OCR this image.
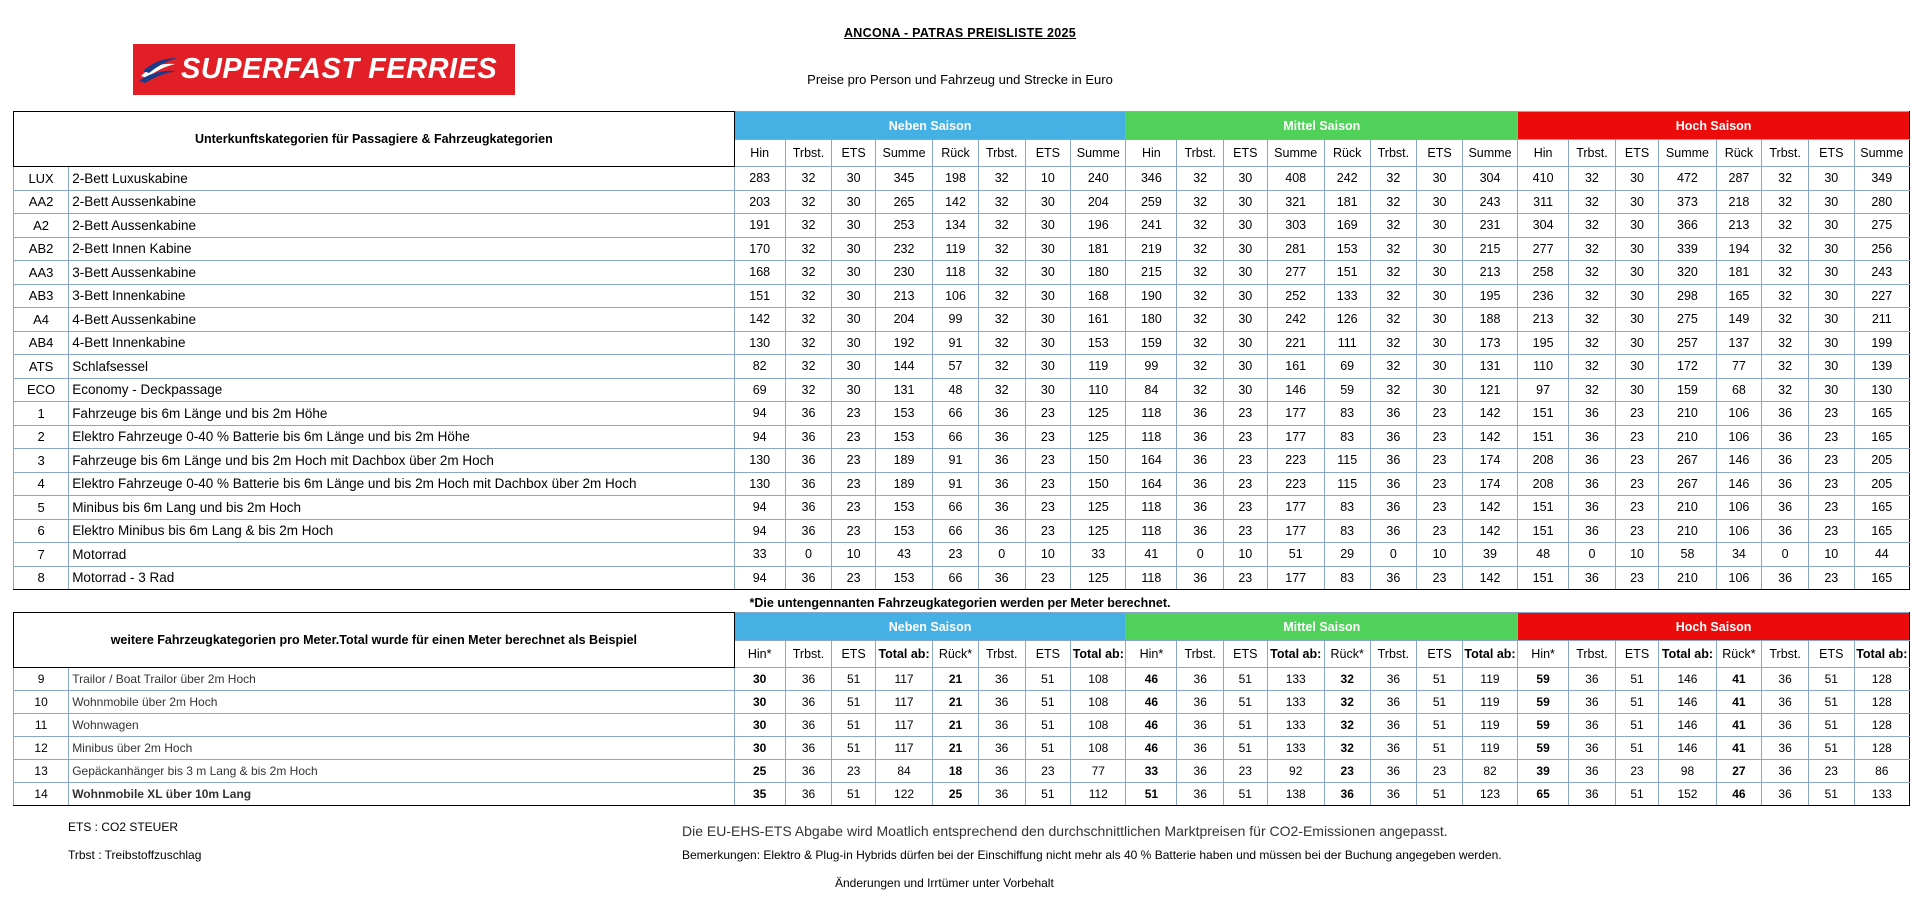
ANCONA - PATRAS PREISLISTE 2025
SUPERFAST FERRIES	Preise pro Person und Fahrzeug und Strecke in Euro
Unterkunftskategorien für Passagiere & Fahrzeugkategorien		Neben Saison								Mittel Saison								Hoch Saison							
		Hin	Trbst.	ETS	Summe	Rück	Trbst.	ETS	Summe	Hin	Trbst.	ETS	Summe	Rück	Trbst.	ETS	Summe	Hin	Trbst.	ETS	Summe	Rück	Trbst.	ETS	Summe
LUX	2-Bett Luxuskabine	283	32	30	345	198	32	10	240	346	32	30	408	242	32	30	304	410	32	30	472	287	32	30	349
AA2	2-Bett Aussenkabine	203	32	30	265	142	32	30	204	259	32	30	321	181	32	30	243	311	32	30	373	218	32	30	280
A2	2-Bett Aussenkabine	191	32	30	253	134	32	30	196	241	32	30	303	169	32	30	231	304	32	30	366	213	32	30	275
AB2	2-Bett Innen Kabine	170	32	30	232	119	32	30	181	219	32	30	281	153	32	30	215	277	32	30	339	194	32	30	256
AA3	3-Bett Aussenkabine	168	32	30	230	118	32	30	180	215	32	30	277	151	32	30	213	258	32	30	320	181	32	30	243
AB3	3-Bett Innenkabine	151	32	30	213	106	32	30	168	190	32	30	252	133	32	30	195	236	32	30	298	165	32	30	227
A4	4-Bett Aussenkabine	142	32	30	204	99	32	30	161	180	32	30	242	126	32	30	188	213	32	30	275	149	32	30	211
AB4	4-Bett Innenkabine	130	32	30	192	91	32	30	153	159	32	30	221	111	32	30	173	195	32	30	257	137	32	30	199
ATS	Schlafsessel	82	32	30	144	57	32	30	119	99	32	30	161	69	32	30	131	110	32	30	172	77	32	30	139
ECO	Economy - Deckpassage	69	32	30	131	48	32	30	110	84	32	30	146	59	32	30	121	97	32	30	159	68	32	30	130
1	Fahrzeuge bis 6m Länge und bis 2m Höhe	94	36	23	153	66	36	23	125	118	36	23	177	83	36	23	142	151	36	23	210	106	36	23	165
2	Elektro Fahrzeuge 0-40 % Batterie bis 6m Länge und bis 2m Höhe	94	36	23	153	66	36	23	125	118	36	23	177	83	36	23	142	151	36	23	210	106	36	23	165
3	Fahrzeuge bis 6m Länge und bis 2m Hoch mit Dachbox über 2m Hoch	130	36	23	189	91	36	23	150	164	36	23	223	115	36	23	174	208	36	23	267	146	36	23	205
4	Elektro Fahrzeuge 0-40 % Batterie bis 6m Länge und bis 2m Hoch mit Dachbox über 2m Hoch	130	36	23	189	91	36	23	150	164	36	23	223	115	36	23	174	208	36	23	267	146	36	23	205
5	Minibus bis 6m Lang und bis 2m Hoch	94	36	23	153	66	36	23	125	118	36	23	177	83	36	23	142	151	36	23	210	106	36	23	165
6	Elektro Minibus bis 6m Lang & bis 2m Hoch	94	36	23	153	66	36	23	125	118	36	23	177	83	36	23	142	151	36	23	210	106	36	23	165
7	Motorrad	33	0	10	43	23	0	10	33	41	0	10	51	29	0	10	39	48	0	10	58	34	0	10	44
8	Motorrad - 3 Rad	94	36	23	153	66	36	23	125	118	36	23	177	83	36	23	142	151	36	23	210	106	36	23	165
*Die untengennanten Fahrzeugkategorien werden per Meter berechnet.
weitere Fahrzeugkategorien pro Meter.Total wurde für einen Meter berechnet als Beispiel		Neben Saison								Mittel Saison								Hoch Saison							
		Hin*	Trbst.	ETS	Total ab:	Rück*	Trbst.	ETS	Total ab:	Hin*	Trbst.	ETS	Total ab:	Rück*	Trbst.	ETS	Total ab:	Hin*	Trbst.	ETS	Total ab:	Rück*	Trbst.	ETS	Total ab:
9	Trailor / Boat Trailor über 2m Hoch	30	36	51	117	21	36	51	108	46	36	51	133	32	36	51	119	59	36	51	146	41	36	51	128
10	Wohnmobile über 2m Hoch	30	36	51	117	21	36	51	108	46	36	51	133	32	36	51	119	59	36	51	146	41	36	51	128
11	Wohnwagen	30	36	51	117	21	36	51	108	46	36	51	133	32	36	51	119	59	36	51	146	41	36	51	128
12	Minibus über 2m Hoch	30	36	51	117	21	36	51	108	46	36	51	133	32	36	51	119	59	36	51	146	41	36	51	128
13	Gepäckanhänger bis 3 m Lang & bis 2m Hoch	25	36	23	84	18	36	23	77	33	36	23	92	23	36	23	82	39	36	23	98	27	36	23	86
14	Wohnmobile XL über 10m Lang	35	36	51	122	25	36	51	112	51	36	51	138	36	36	51	123	65	36	51	152	46	36	51	133
ETS : CO2 STEUER
Trbst : Treibstoffzuschlag
Die EU-EHS-ETS Abgabe wird Moatlich entsprechend den durchschnittlichen Marktpreisen für CO2-Emissionen angepasst.
Bemerkungen: Elektro & Plug-in Hybrids dürfen bei der Einschiffung nicht mehr als 40 % Batterie haben und müssen bei der Buchung angegeben werden.
Änderungen und Irrtümer unter Vorbehalt
